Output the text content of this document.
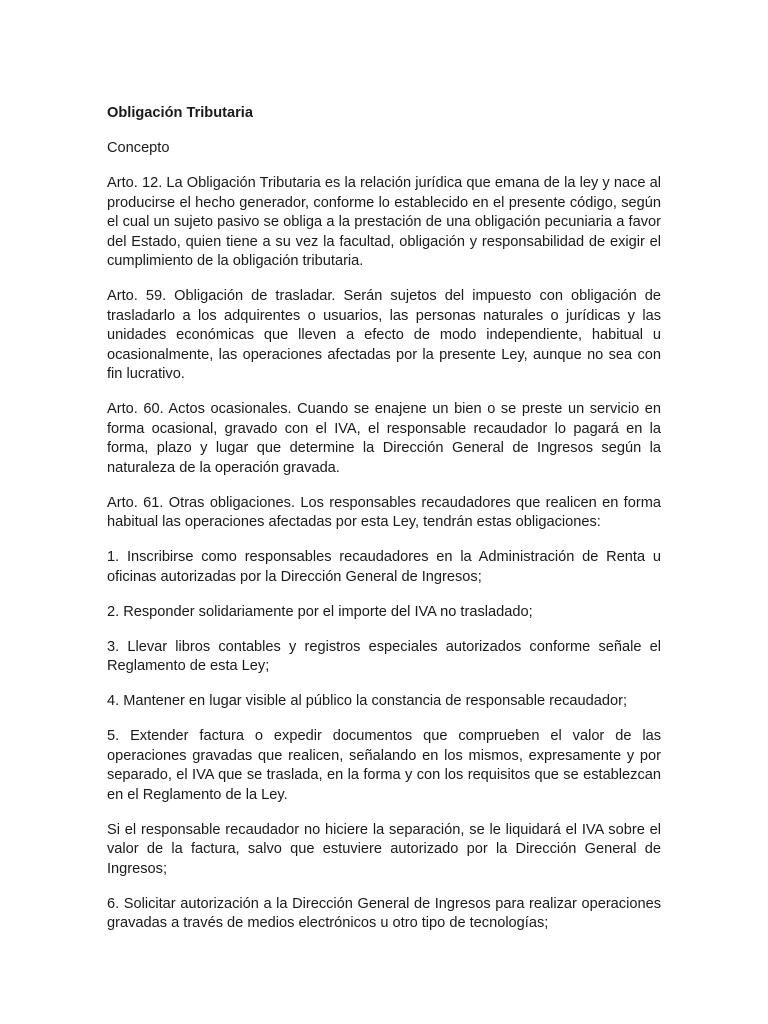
Obligación Tributaria
Concepto

Arto. 12. La Obligación Tributaria es la relación jurídica que emana de la ley y nace al producirse el hecho generador, conforme lo establecido en el presente código, según el cual un sujeto pasivo se obliga a la prestación de una obligación pecuniaria a favor del Estado, quien tiene a su vez la facultad, obligación y responsabilidad de exigir el cumplimiento de la obligación tributaria.

Arto. 59. Obligación de trasladar. Serán sujetos del impuesto con obligación de trasladarlo a los adquirentes o usuarios, las personas naturales o jurídicas y las unidades económicas que lleven a efecto de modo independiente, habitual u ocasionalmente, las operaciones afectadas por la presente Ley, aunque no sea con fin lucrativo.

Arto. 60. Actos ocasionales. Cuando se enajene un bien o se preste un servicio en forma ocasional, gravado con el IVA, el responsable recaudador lo pagará en la forma, plazo y lugar que determine la Dirección General de Ingresos según la naturaleza de la operación gravada.

Arto. 61. Otras obligaciones. Los responsables recaudadores que realicen en forma habitual las operaciones afectadas por esta Ley, tendrán estas obligaciones:

1. Inscribirse como responsables recaudadores en la Administración de Renta u oficinas autorizadas por la Dirección General de Ingresos;

2. Responder solidariamente por el importe del IVA no trasladado;

3. Llevar libros contables y registros especiales autorizados conforme señale el Reglamento de esta Ley;

4. Mantener en lugar visible al público la constancia de responsable recaudador;

5. Extender factura o expedir documentos que comprueben el valor de las operaciones gravadas que realicen, señalando en los mismos, expresamente y por separado, el IVA que se traslada, en la forma y con los requisitos que se establezcan en el Reglamento de la Ley.

Si el responsable recaudador no hiciere la separación, se le liquidará el IVA sobre el valor de la factura, salvo que estuviere autorizado por la Dirección General de Ingresos;

6. Solicitar autorización a la Dirección General de Ingresos para realizar operaciones gravadas a través de medios electrónicos u otro tipo de tecnologías;
